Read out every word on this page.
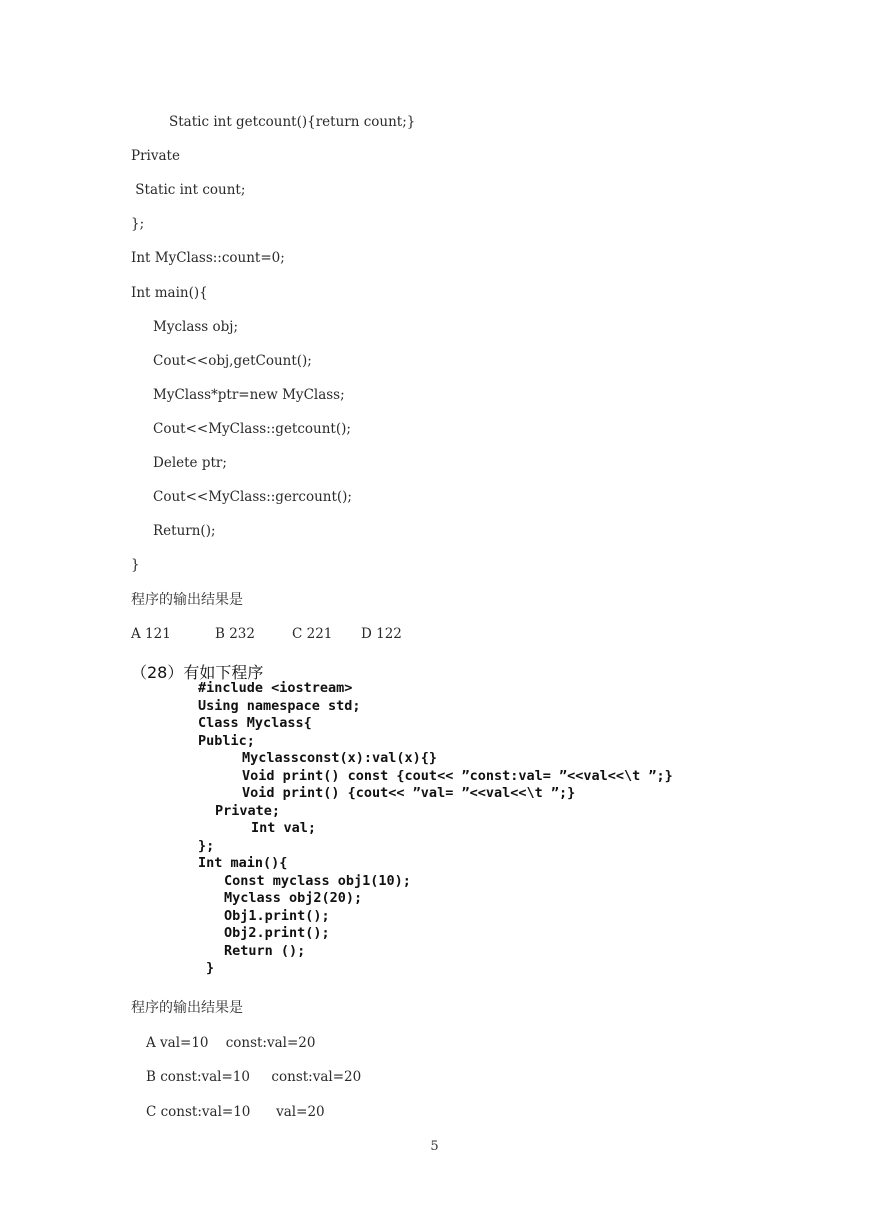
Static int getcount(){return count;}
Private
Static int count;
};
Int MyClass::count=0;
Int main(){
Myclass obj;
Cout<<obj,getCount();
MyClass*ptr=new MyClass;
Cout<<MyClass::getcount();
Delete ptr;
Cout<<MyClass::gercount();
Return();
}
程序的输出结果是
A 121	B 232	C 221 D 122
（28）有如下程序
#include <iostream>
Using namespace std;
Class Myclass{
Public;
Myclassconst(x):val(x){}
Void print() const {cout<< ”const:val= ”<<val<<\t ”;}
Void print() {cout<< ”val= ”<<val<<\t ”;}
Private;
Int val;
};
Int main(){
Const myclass obj1(10);
Myclass obj2(20);
Obj1.print();
Obj2.print();
Return ();
}
程序的输出结果是
A val=10    const:val=20
B const:val=10     const:val=20
C const:val=10      val=20
5
